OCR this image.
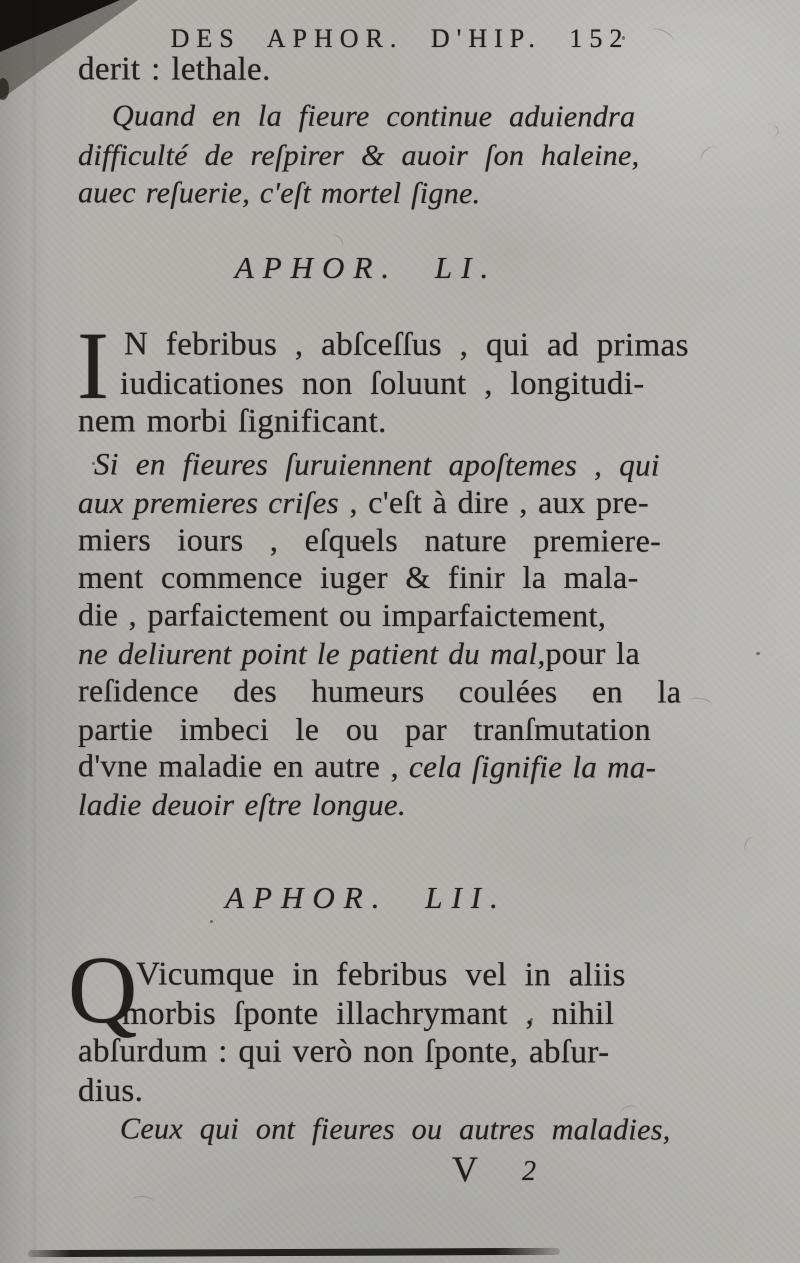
DES APHOR. D'HIP. 152
derit : lethale.
Quand en la fieure continue aduiendra
difficulté de reſpirer & auoir ſon haleine,
auec reſuerie, c'eſt mortel ſigne.
APHOR. LI.
I N febribus , abſceſſus , qui ad primas
iudicationes non ſoluunt , longitudi-
nem morbi ſignificant.
Si en fieures ſuruiennent apoſtemes , qui
aux premieres criſes , c'eſt à dire , aux pre-
miers iours , eſquels nature premiere-
ment commence iuger & finir la mala-
die , parfaictement ou imparfaictement,
ne deliurent point le patient du mal,pour la
reſidence des humeurs coulées en la
partie imbeci le ou par tranſmutation
d'vne maladie en autre , cela ſignifie la ma-
ladie deuoir eſtre longue.
APHOR. LII.
Q
Vicumque in febribus vel in aliis
morbis ſponte illachrymant , nihil
abſurdum : qui verò non ſponte, abſur-
dius.
Ceux qui ont fieures ou autres maladies,
V 2
